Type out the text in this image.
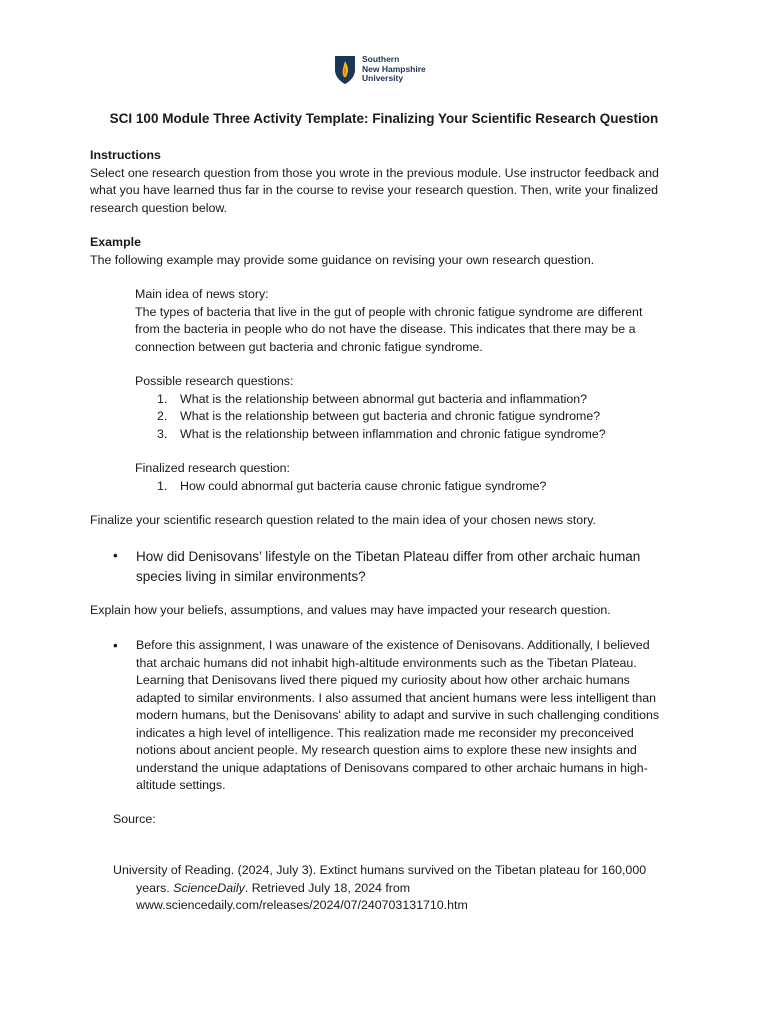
Southern
New Hampshire
University
SCI 100 Module Three Activity Template: Finalizing Your Scientific Research Question
Instructions
Select one research question from those you wrote in the previous module. Use instructor feedback and
what you have learned thus far in the course to revise your research question. Then, write your finalized
research question below.
Example
The following example may provide some guidance on revising your own research question.
Main idea of news story:
The types of bacteria that live in the gut of people with chronic fatigue syndrome are different
from the bacteria in people who do not have the disease. This indicates that there may be a
connection between gut bacteria and chronic fatigue syndrome.
Possible research questions:
1. What is the relationship between abnormal gut bacteria and inflammation?
2. What is the relationship between gut bacteria and chronic fatigue syndrome?
3. What is the relationship between inflammation and chronic fatigue syndrome?
Finalized research question:
1. How could abnormal gut bacteria cause chronic fatigue syndrome?
Finalize your scientific research question related to the main idea of your chosen news story.
• How did Denisovans’ lifestyle on the Tibetan Plateau differ from other archaic human
species living in similar environments?
Explain how your beliefs, assumptions, and values may have impacted your research question.
• Before this assignment, I was unaware of the existence of Denisovans. Additionally, I believed
that archaic humans did not inhabit high-altitude environments such as the Tibetan Plateau.
Learning that Denisovans lived there piqued my curiosity about how other archaic humans
adapted to similar environments. I also assumed that ancient humans were less intelligent than
modern humans, but the Denisovans' ability to adapt and survive in such challenging conditions
indicates a high level of intelligence. This realization made me reconsider my preconceived
notions about ancient people. My research question aims to explore these new insights and
understand the unique adaptations of Denisovans compared to other archaic humans in high-
altitude settings.
Source:
University of Reading. (2024, July 3). Extinct humans survived on the Tibetan plateau for 160,000
years. ScienceDaily. Retrieved July 18, 2024 from
www.sciencedaily.com/releases/2024/07/240703131710.htm
